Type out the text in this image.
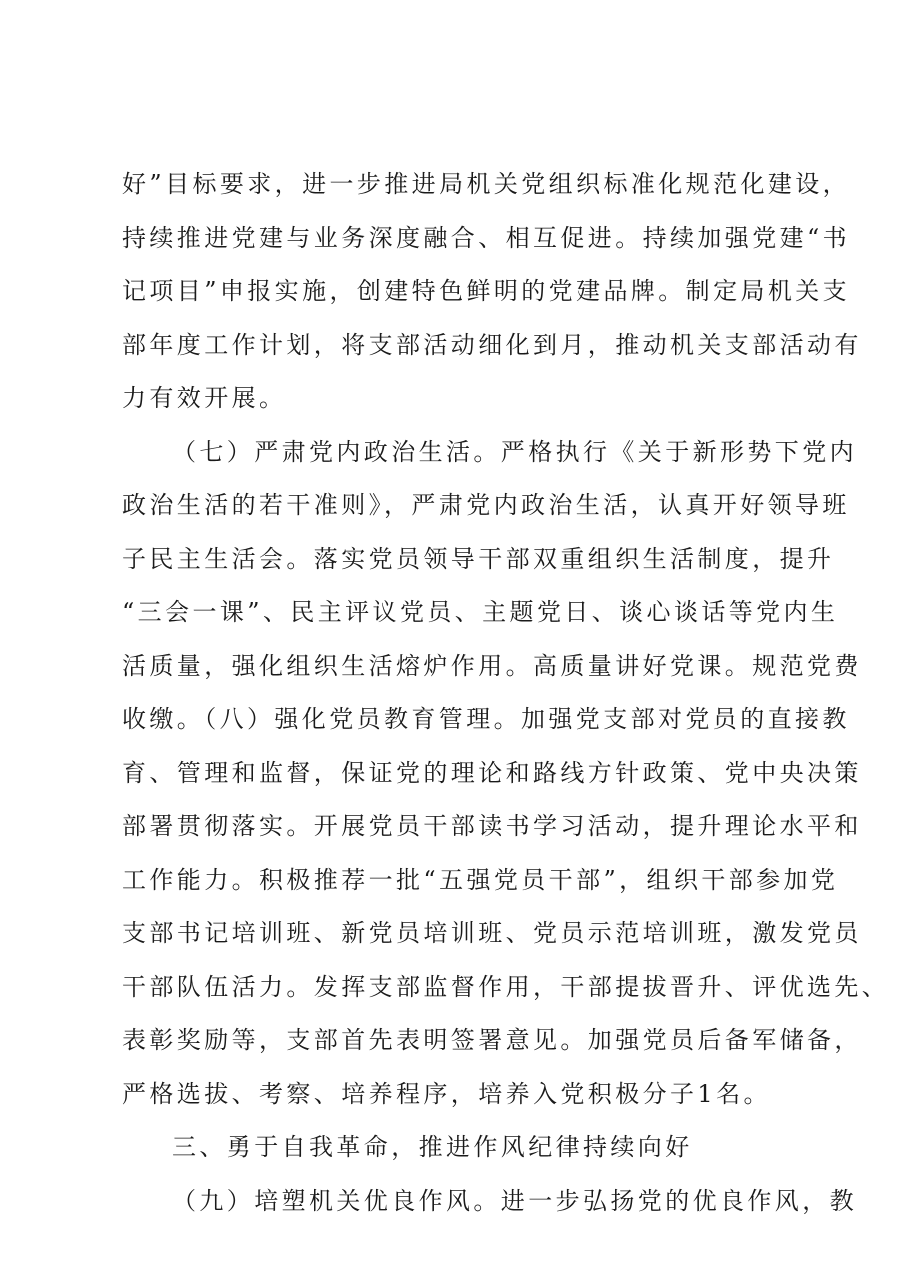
好”目标要求，进一步推进局机关党组织标准化规范化建设，
持续推进党建与业务深度融合、相互促进。持续加强党建“书
记项目”申报实施，创建特色鲜明的党建品牌。制定局机关支
部年度工作计划，将支部活动细化到月，推动机关支部活动有
力有效开展。
（七）严肃党内政治生活。严格执行《关于新形势下党内
政治生活的若干准则》，严肃党内政治生活，认真开好领导班
子民主生活会。落实党员领导干部双重组织生活制度，提升
“三会一课”、民主评议党员、主题党日、谈心谈话等党内生
活质量，强化组织生活熔炉作用。高质量讲好党课。规范党费
收缴。（八）强化党员教育管理。加强党支部对党员的直接教
育、管理和监督，保证党的理论和路线方针政策、党中央决策
部署贯彻落实。开展党员干部读书学习活动，提升理论水平和
工作能力。积极推荐一批“五强党员干部”，组织干部参加党
支部书记培训班、新党员培训班、党员示范培训班，激发党员
干部队伍活力。发挥支部监督作用，干部提拔晋升、评优选先、
表彰奖励等，支部首先表明签署意见。加强党员后备军储备，
严格选拔、考察、培养程序，培养入党积极分子1名。
三、勇于自我革命，推进作风纪律持续向好
（九）培塑机关优良作风。进一步弘扬党的优良作风，教
